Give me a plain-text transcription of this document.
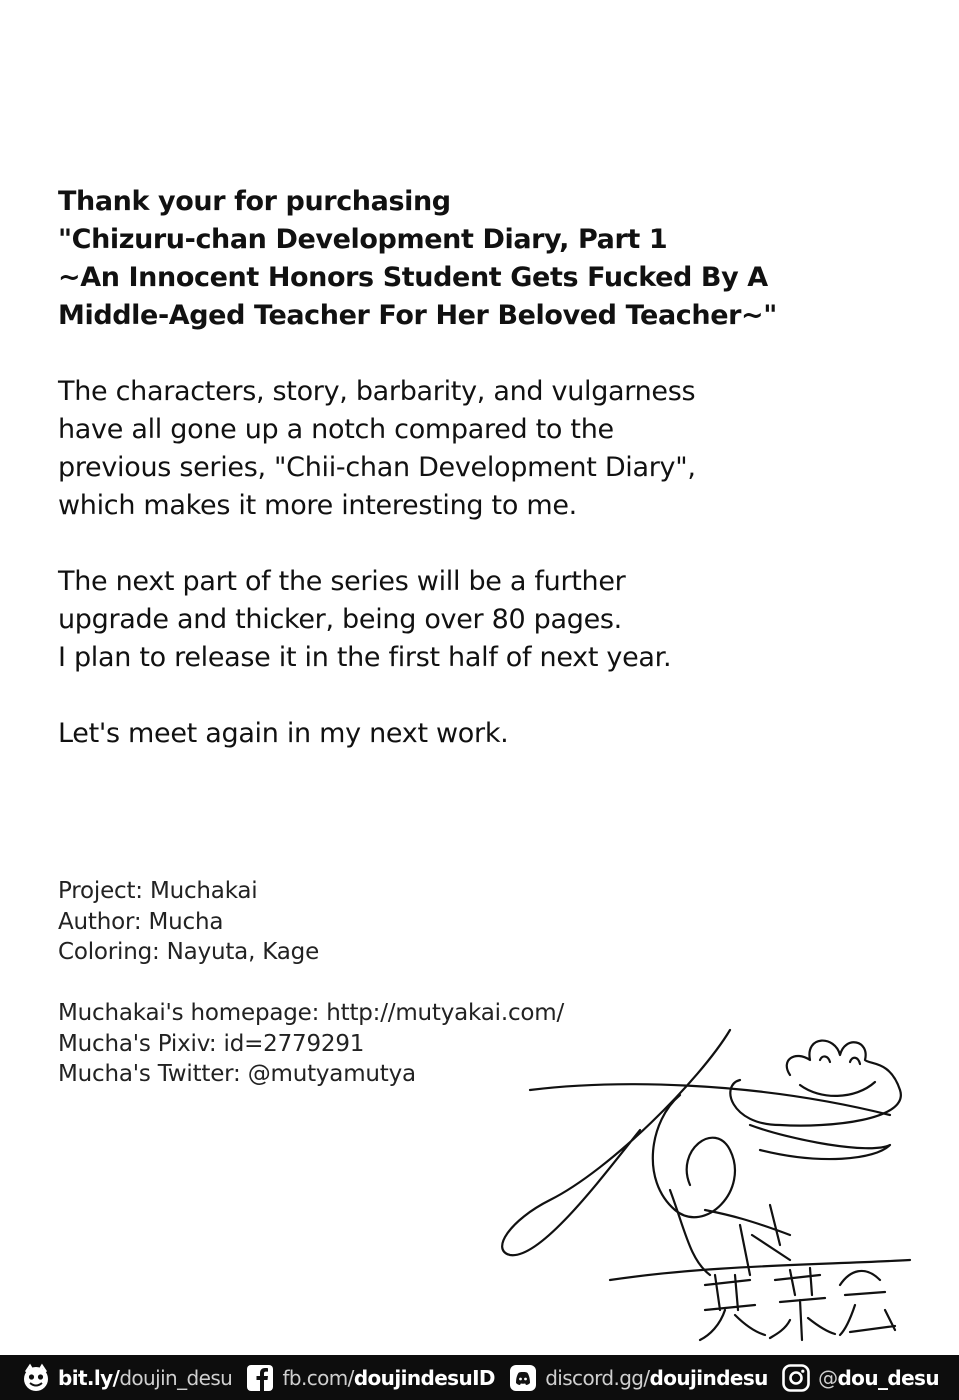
Thank your for purchasing
"Chizuru-chan Development Diary, Part 1
~An Innocent Honors Student Gets Fucked By A
Middle-Aged Teacher For Her Beloved Teacher~"
The characters, story, barbarity, and vulgarness
have all gone up a notch compared to the
previous series, "Chii-chan Development Diary",
which makes it more interesting to me.
The next part of the series will be a further
upgrade and thicker, being over 80 pages.
I plan to release it in the first half of next year.
Let's meet again in my next work.
Project: Muchakai
Author: Mucha
Coloring: Nayuta, Kage
Muchakai's homepage: http://mutyakai.com/
Mucha's Pixiv: id=2779291
Mucha's Twitter: @mutyamutya
bit.ly/ doujin_desu	fb.com/ doujindesuID	discord.gg/ doujindesu	@ dou_desu
